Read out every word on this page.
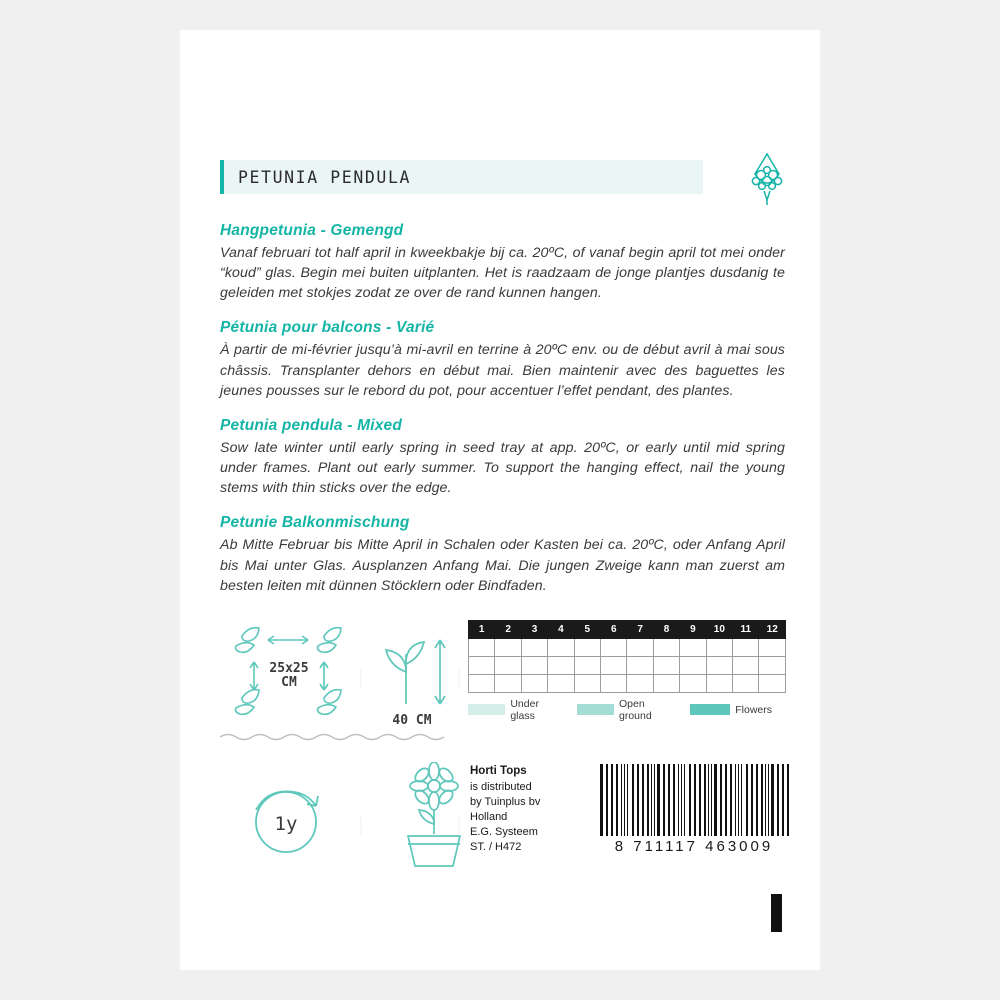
PETUNIA PENDULA
Hangpetunia - Gemengd

Vanaf februari tot half april in kweekbakje bij ca. 20ºC, of vanaf begin april tot mei onder “koud” glas. Begin mei buiten uitplanten. Het is raadzaam de jonge plantjes dusdanig te geleiden met stokjes zodat ze over de rand kunnen hangen.

Pétunia pour balcons - Varié

À partir de mi-février jusqu’à mi-avril en terrine à 20ºC env. ou de début avril à mai sous châssis. Transplanter dehors en début mai. Bien maintenir avec des baguettes les jeunes pousses sur le rebord du pot, pour accentuer l’effet pendant, des plantes.

Petunia pendula - Mixed

Sow late winter until early spring in seed tray at app. 20ºC, or early until mid spring under frames. Plant out early summer. To support the hanging effect, nail the young stems with thin sticks over the edge.

Petunie Balkonmischung

Ab Mitte Februar bis Mitte April in Schalen oder Kasten bei ca. 20ºC, oder Anfang April bis Mai unter Glas. Ausplanzen Anfang Mai. Die jungen Zweige kann man zuerst am besten leiten mit dünnen Stöcklern oder Bindfaden.

25x25
CM
40 CM
1	2	3	4	5	6	7	8	9	10	11	12

Under glass
Open ground	Flowers
1y
Horti Tops
is distributed
by Tuinplus bv
Holland
E.G. Systeem
ST. / H472	8 711117 463009
